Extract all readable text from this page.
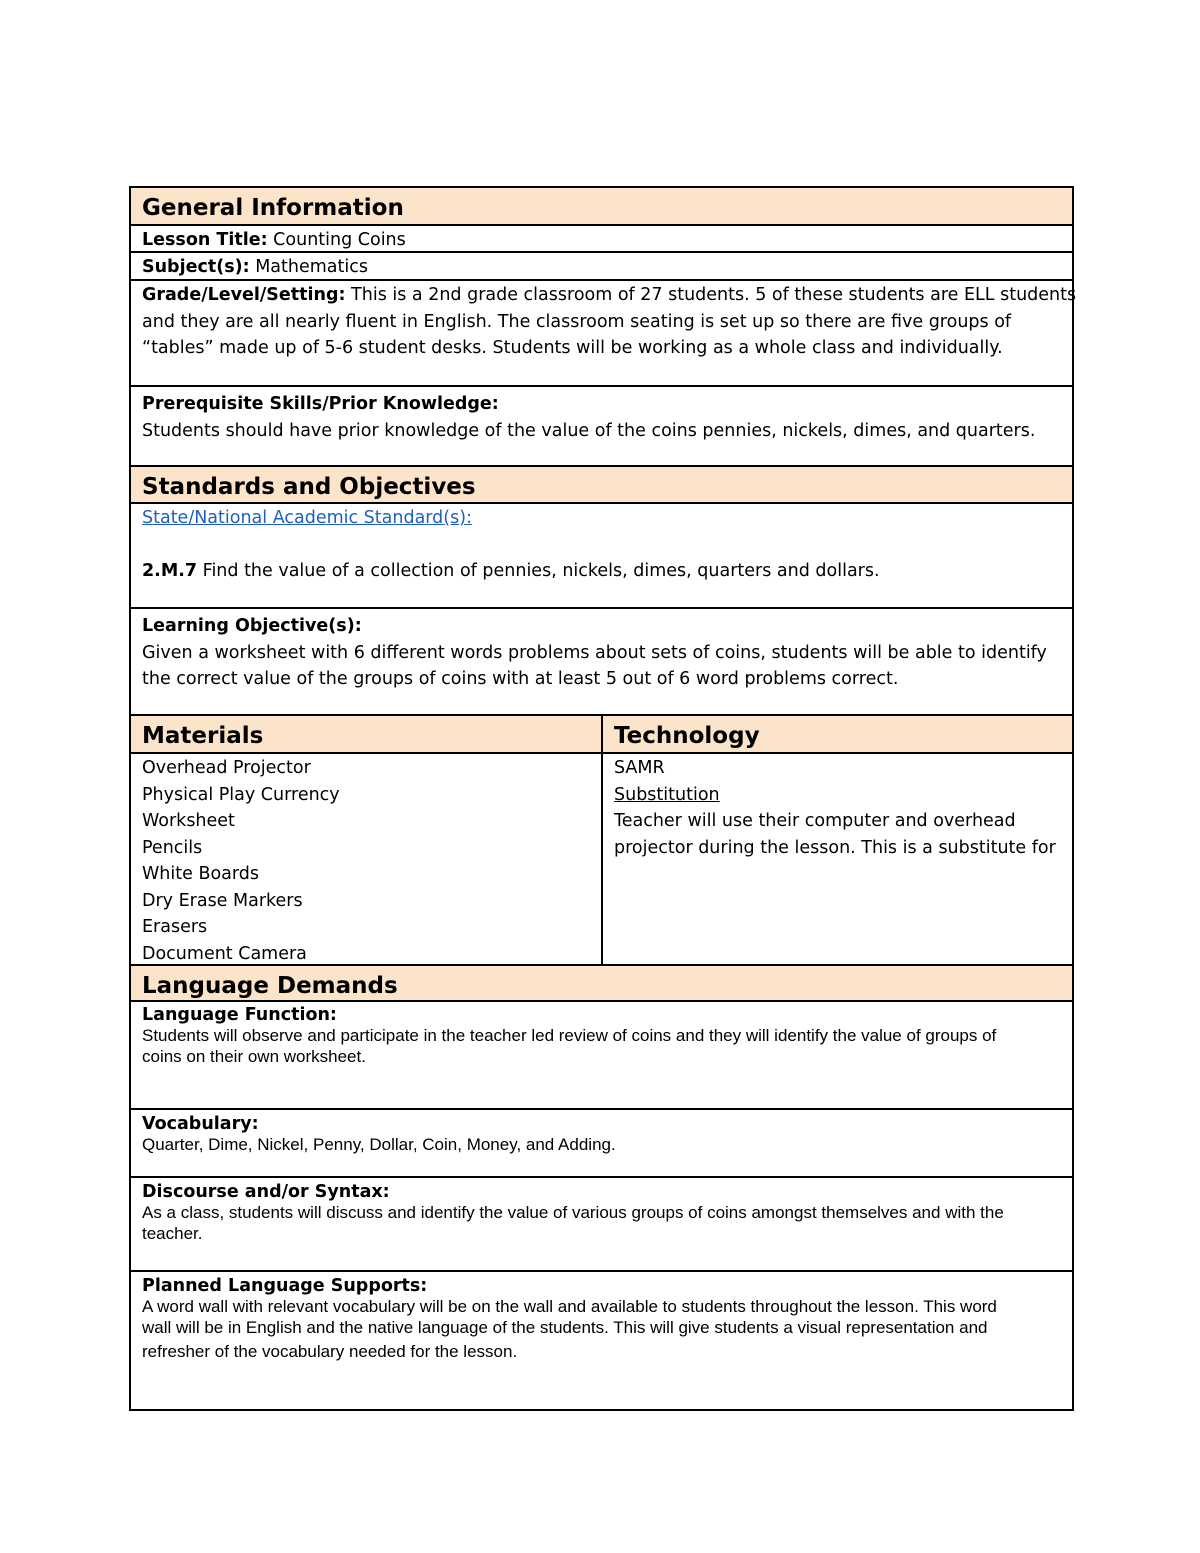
General Information
Lesson Title: Counting Coins
Subject(s): Mathematics
Grade/Level/Setting: This is a 2nd grade classroom of 27 students. 5 of these students are ELL students
and they are all nearly fluent in English. The classroom seating is set up so there are five groups of
“tables” made up of 5-6 student desks. Students will be working as a whole class and individually.
Prerequisite Skills/Prior Knowledge:
Students should have prior knowledge of the value of the coins pennies, nickels, dimes, and quarters.
Standards and Objectives
State/National Academic Standard(s):

2.M.7 Find the value of a collection of pennies, nickels, dimes, quarters and dollars.
Learning Objective(s):
Given a worksheet with 6 different words problems about sets of coins, students will be able to identify
the correct value of the groups of coins with at least 5 out of 6 word problems correct.
Materials	Technology
Overhead Projector
Physical Play Currency
Worksheet
Pencils
White Boards
Dry Erase Markers
Erasers
Document Camera
SAMR
Substitution
Teacher will use their computer and overhead
projector during the lesson. This is a substitute for
Language Demands
Language Function:
Students will observe and participate in the teacher led review of coins and they will identify the value of groups of
coins on their own worksheet.
Vocabulary:
Quarter, Dime, Nickel, Penny, Dollar, Coin, Money, and Adding.
Discourse and/or Syntax:
As a class, students will discuss and identify the value of various groups of coins amongst themselves and with the
teacher.
Planned Language Supports:
A word wall with relevant vocabulary will be on the wall and available to students throughout the lesson. This word
wall will be in English and the native language of the students. This will give students a visual representation and
refresher of the vocabulary needed for the lesson.
